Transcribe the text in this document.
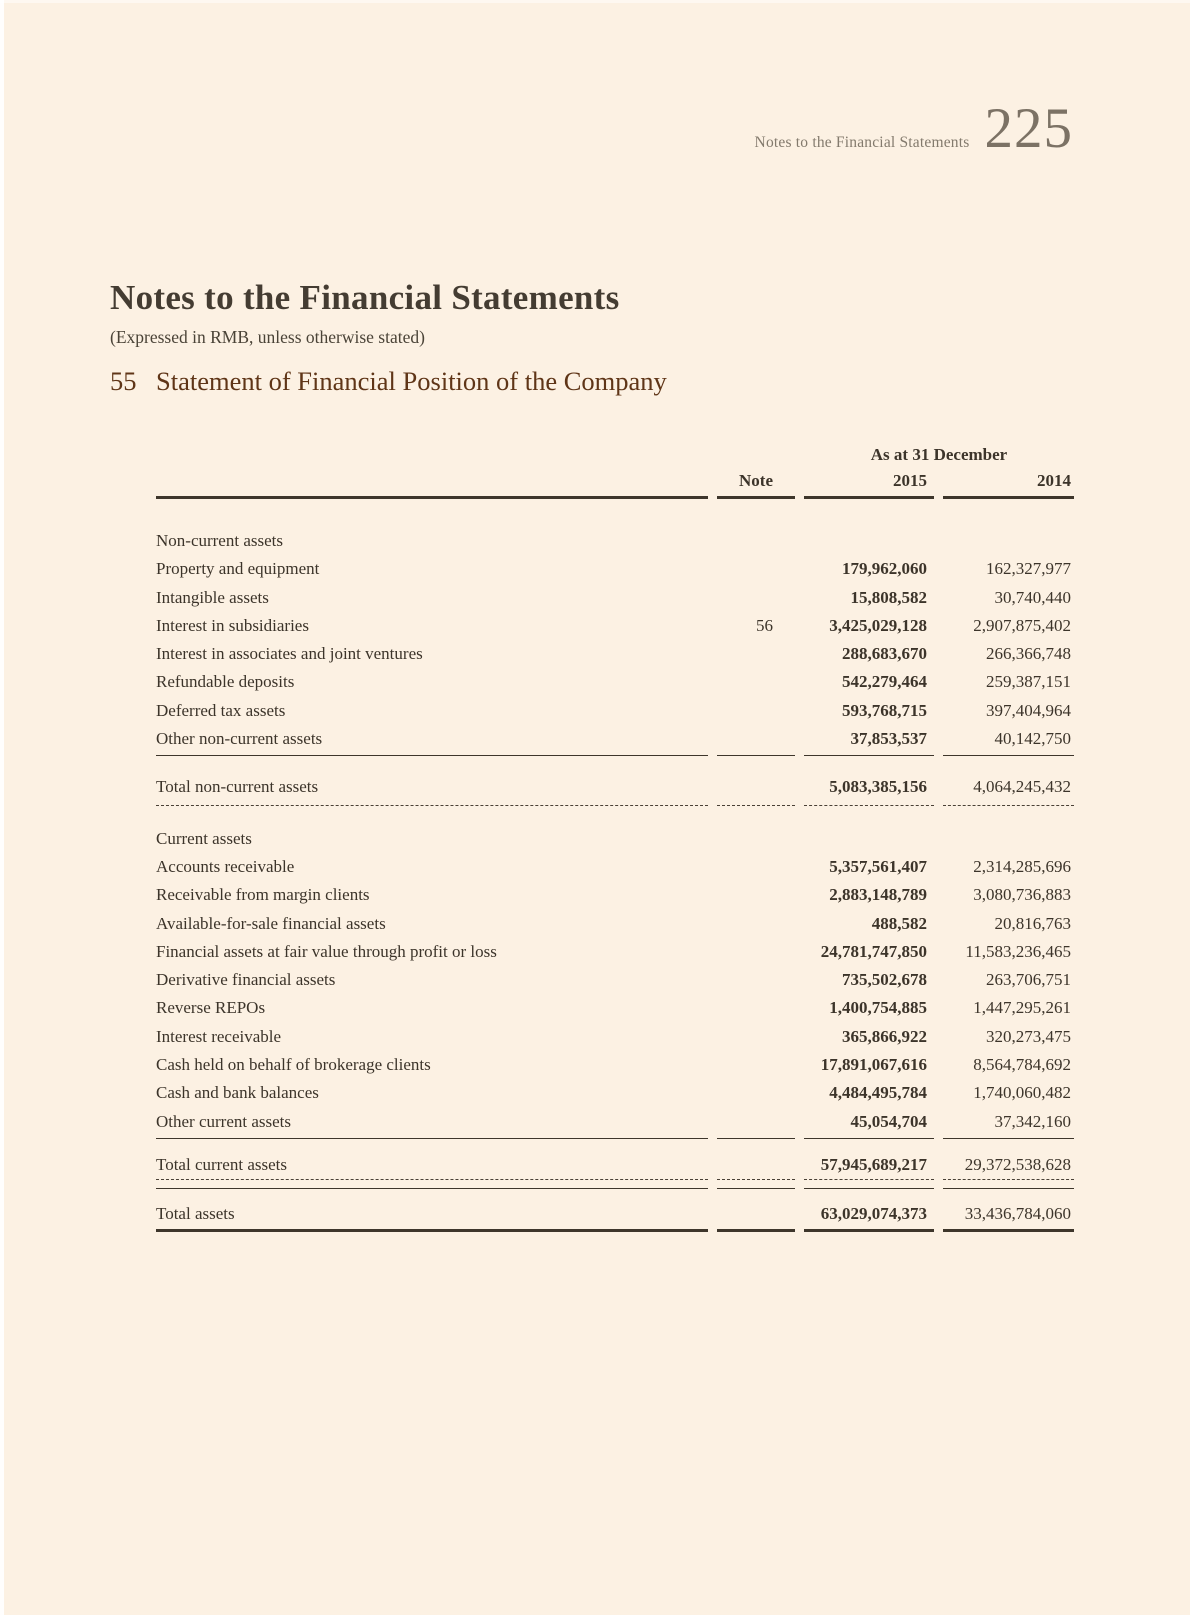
Notes to the Financial Statements 225
Notes to the Financial Statements

(Expressed in RMB, unless otherwise stated)

55 Statement of Financial Position of the Company
As at 31 December
Note	2015	2014
Non-current assets
Property and equipment	179,962,060	162,327,977
Intangible assets	15,808,582	30,740,440
Interest in subsidiaries	56	3,425,029,128	2,907,875,402
Interest in associates and joint ventures	288,683,670	266,366,748
Refundable deposits	542,279,464	259,387,151
Deferred tax assets	593,768,715	397,404,964
Other non-current assets	37,853,537	40,142,750
Total non-current assets	5,083,385,156	4,064,245,432
Current assets
Accounts receivable	5,357,561,407	2,314,285,696
Receivable from margin clients	2,883,148,789	3,080,736,883
Available-for-sale financial assets	488,582	20,816,763
Financial assets at fair value through profit or loss	24,781,747,850	11,583,236,465
Derivative financial assets	735,502,678	263,706,751
Reverse REPOs	1,400,754,885	1,447,295,261
Interest receivable	365,866,922	320,273,475
Cash held on behalf of brokerage clients	17,891,067,616	8,564,784,692
Cash and bank balances	4,484,495,784	1,740,060,482
Other current assets	45,054,704	37,342,160
Total current assets	57,945,689,217	29,372,538,628
Total assets	63,029,074,373	33,436,784,060
